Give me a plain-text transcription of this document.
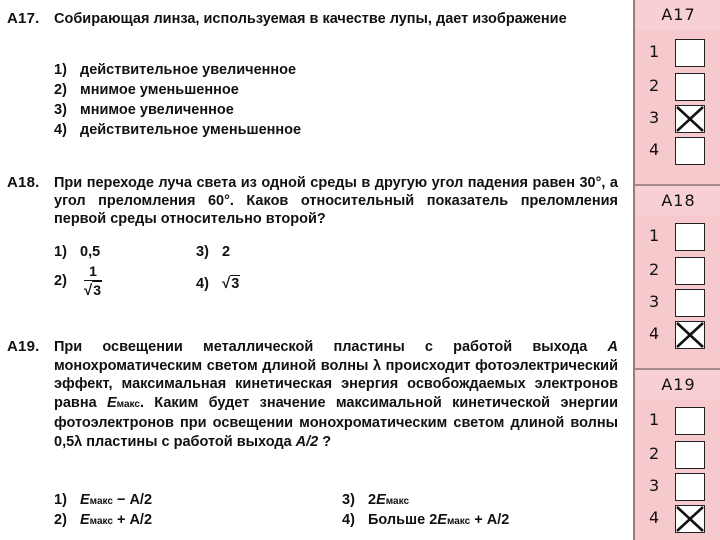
А17. Собирающая линза, используемая в качестве лупы, дает изображение
1) действительное увеличенное
2) мнимое уменьшенное
3) мнимое увеличенное
4) действительное уменьшенное
А18. При переходе луча света из одной среды в другую угол падения равен 30°, а угол преломления 60°. Каков относительный показатель преломления первой среды относительно второй?
1) 0,5
$2) \frac{1}{√3}$
3) 2
4) √3
А19. При освещении металлической пластины с работой выхода A монохроматическим светом длиной волны λ происходит фотоэлектрический эффект, максимальная кинетическая энергия освобождаемых электронов равна Eмакс. Каким будет значение максимальной кинетической энергии фотоэлектронов при освещении монохроматическим светом длиной волны 0,5λ пластины с работой выхода A/2 ?
1) Eмакс − A/2
2) Eмакс + A/2
3) 2Eмакс
4) Больше 2Eмакс + A/2
А17
1
2
3
4
А18
1
2
3
4
А19
1
2
3
4
